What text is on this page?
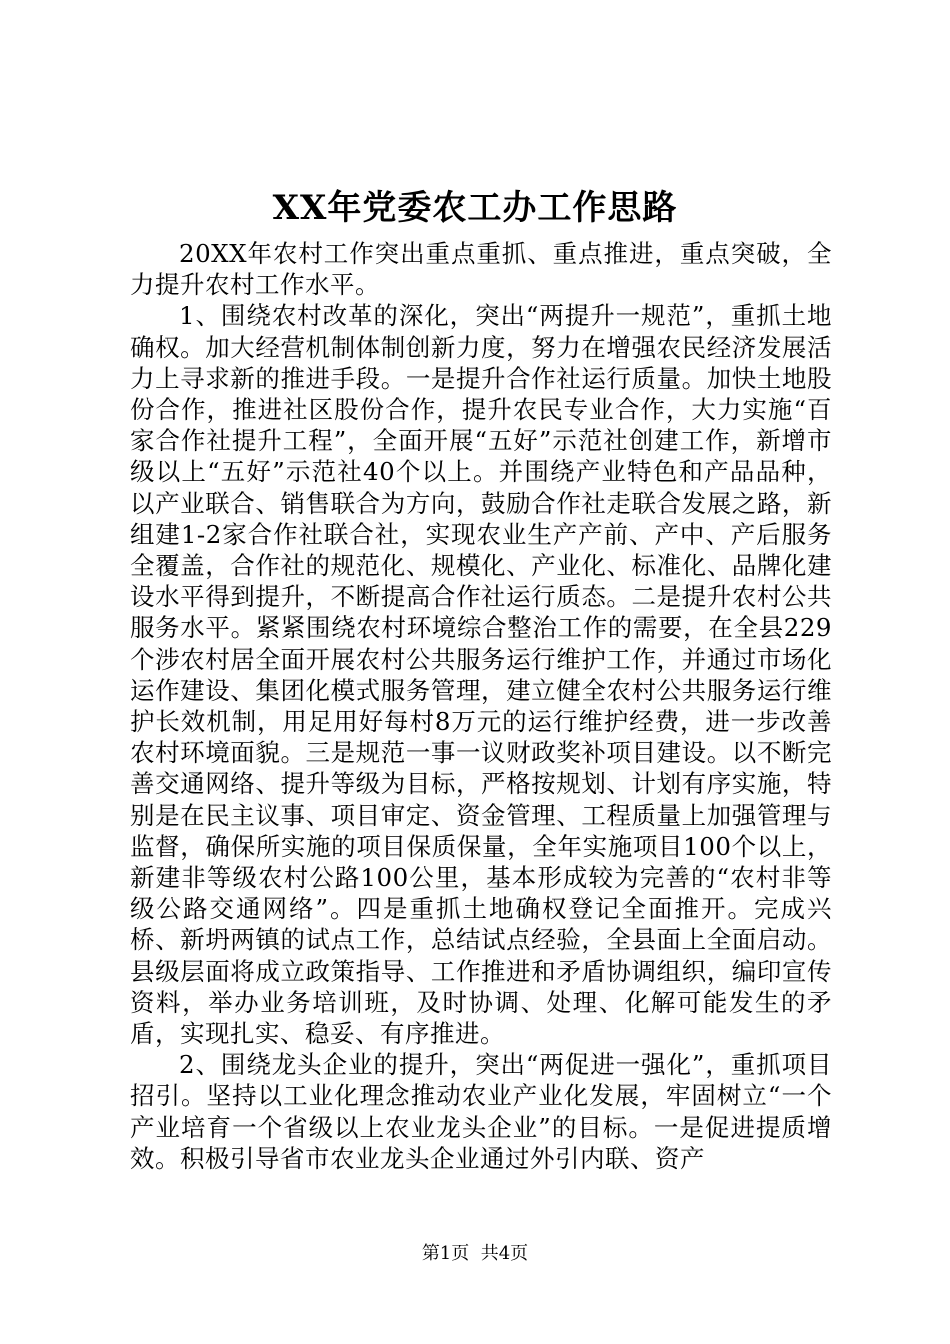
XX年党委农工办工作思路

20XX年农村工作突出重点重抓、重点推进，重点突破，全力提升农村工作水平。

1、围绕农村改革的深化，突出“两提升一规范”，重抓土地确权。加大经营机制体制创新力度，努力在增强农民经济发展活力上寻求新的推进手段。一是提升合作社运行质量。加快土地股份合作，推进社区股份合作，提升农民专业合作，大力实施“百家合作社提升工程”，全面开展“五好”示范社创建工作，新增市级以上“五好”示范社40个以上。并围绕产业特色和产品品种，以产业联合、销售联合为方向，鼓励合作社走联合发展之路，新组建1-2家合作社联合社，实现农业生产产前、产中、产后服务全覆盖，合作社的规范化、规模化、产业化、标准化、品牌化建设水平得到提升，不断提高合作社运行质态。二是提升农村公共服务水平。紧紧围绕农村环境综合整治工作的需要，在全县229个涉农村居全面开展农村公共服务运行维护工作，并通过市场化运作建设、集团化模式服务管理，建立健全农村公共服务运行维护长效机制，用足用好每村8万元的运行维护经费，进一步改善农村环境面貌。三是规范一事一议财政奖补项目建设。以不断完善交通网络、提升等级为目标，严格按规划、计划有序实施，特别是在民主议事、项目审定、资金管理、工程质量上加强管理与监督，确保所实施的项目保质保量，全年实施项目100个以上，新建非等级农村公路100公里，基本形成较为完善的“农村非等级公路交通网络”。四是重抓土地确权登记全面推开。完成兴桥、新坍两镇的试点工作，总结试点经验，全县面上全面启动。县级层面将成立政策指导、工作推进和矛盾协调组织，编印宣传资料，举办业务培训班，及时协调、处理、化解可能发生的矛盾，实现扎实、稳妥、有序推进。

2、围绕龙头企业的提升，突出“两促进一强化”，重抓项目招引。坚持以工业化理念推动农业产业化发展，牢固树立“一个产业培育一个省级以上农业龙头企业”的目标。一是促进提质增效。积极引导省市农业龙头企业通过外引内联、资产

第1页  共4页
